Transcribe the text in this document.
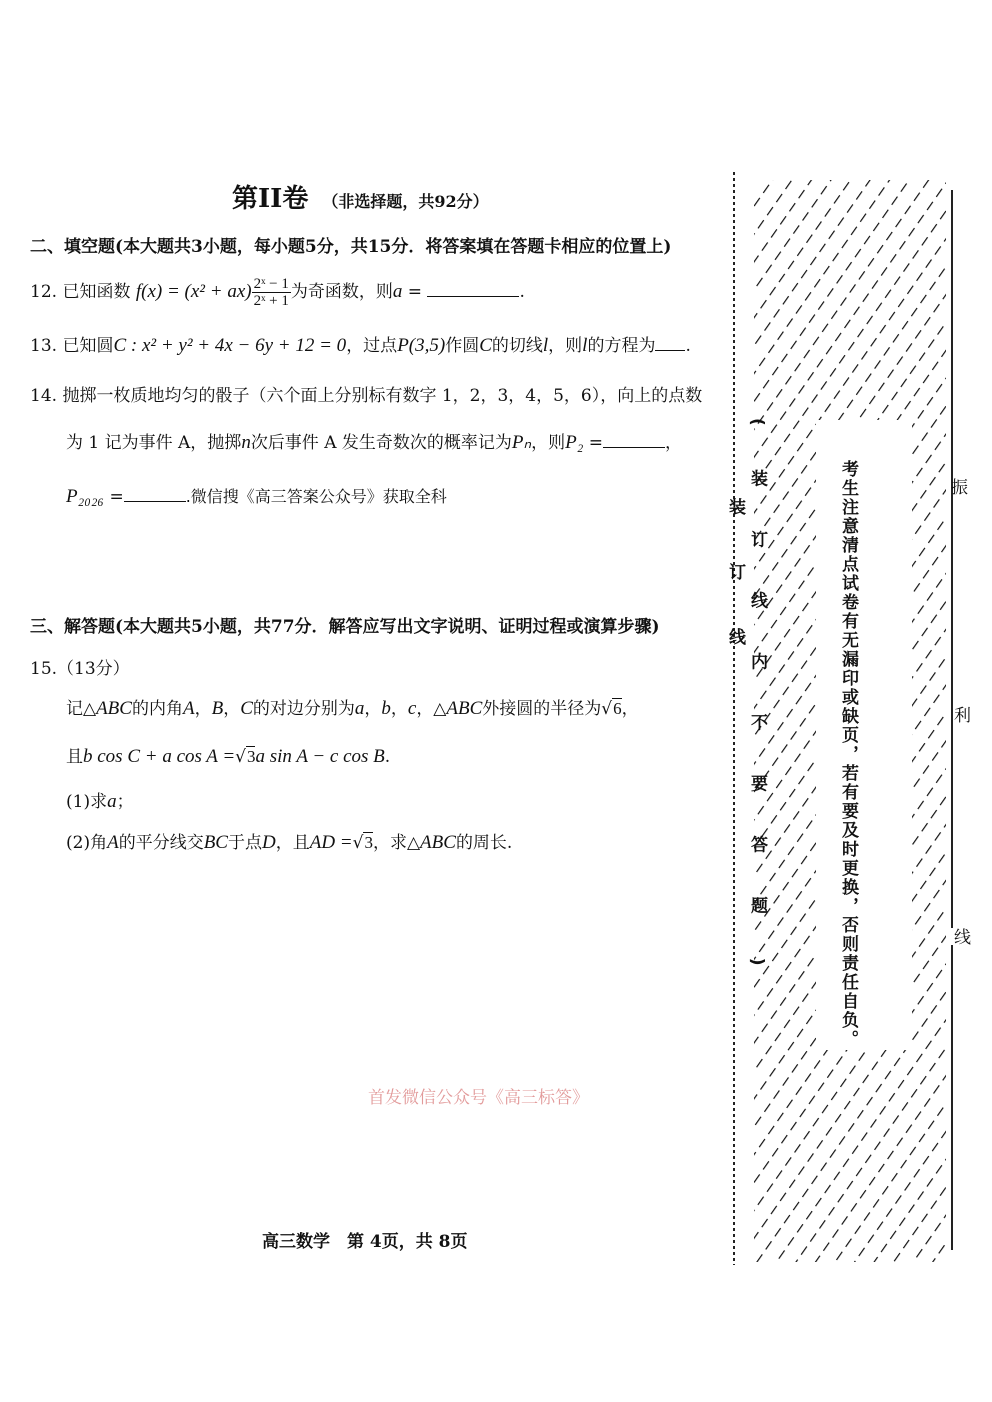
第II卷 （非选择题，共92分）
二、填空题(本大题共3小题，每小题5分，共15分．将答案填在答题卡相应的位置上)
12. 已知函数 $f(x) = (x^2 + ax) \frac{\text{2ˣ − 1}}{\text{2ˣ + 1}}$ 为奇函数，则a =	.
13. 已知圆C : x² + y² + 4x − 6y + 12 = 0，过点P(3,5)作圆C的切线l，则l的方程为 .
14. 抛掷一枚质地均匀的骰子（六个面上分别标有数字 1，2，3，4，5，6），向上的点数
为 1 记为事件 A，抛掷n次后事件 A 发生奇数次的概率记为Pₙ，则P₂ =	，
P₂₀₂₆ =	.微信搜《高三答案公众号》获取全科
三、解答题(本大题共5小题，共77分．解答应写出文字说明、证明过程或演算步骤)
15.（13分）
记△ABC的内角A，B，C的对边分别为a，b，c，△ABC外接圆的半径为√6，
且b cos C + a cos A =√3a sin A − c cos B.
(1)求a；
(2)角A的平分线交BC于点D，且AD =√3，求△ABC的周长.
首发微信公众号《高三标答》
高三数学　第 4页，共 8页
装订线 (装订线内不要答题)	考生注意清点试卷有无漏印或缺页，若有要及时更换，否则责任自负。	振
利
线
